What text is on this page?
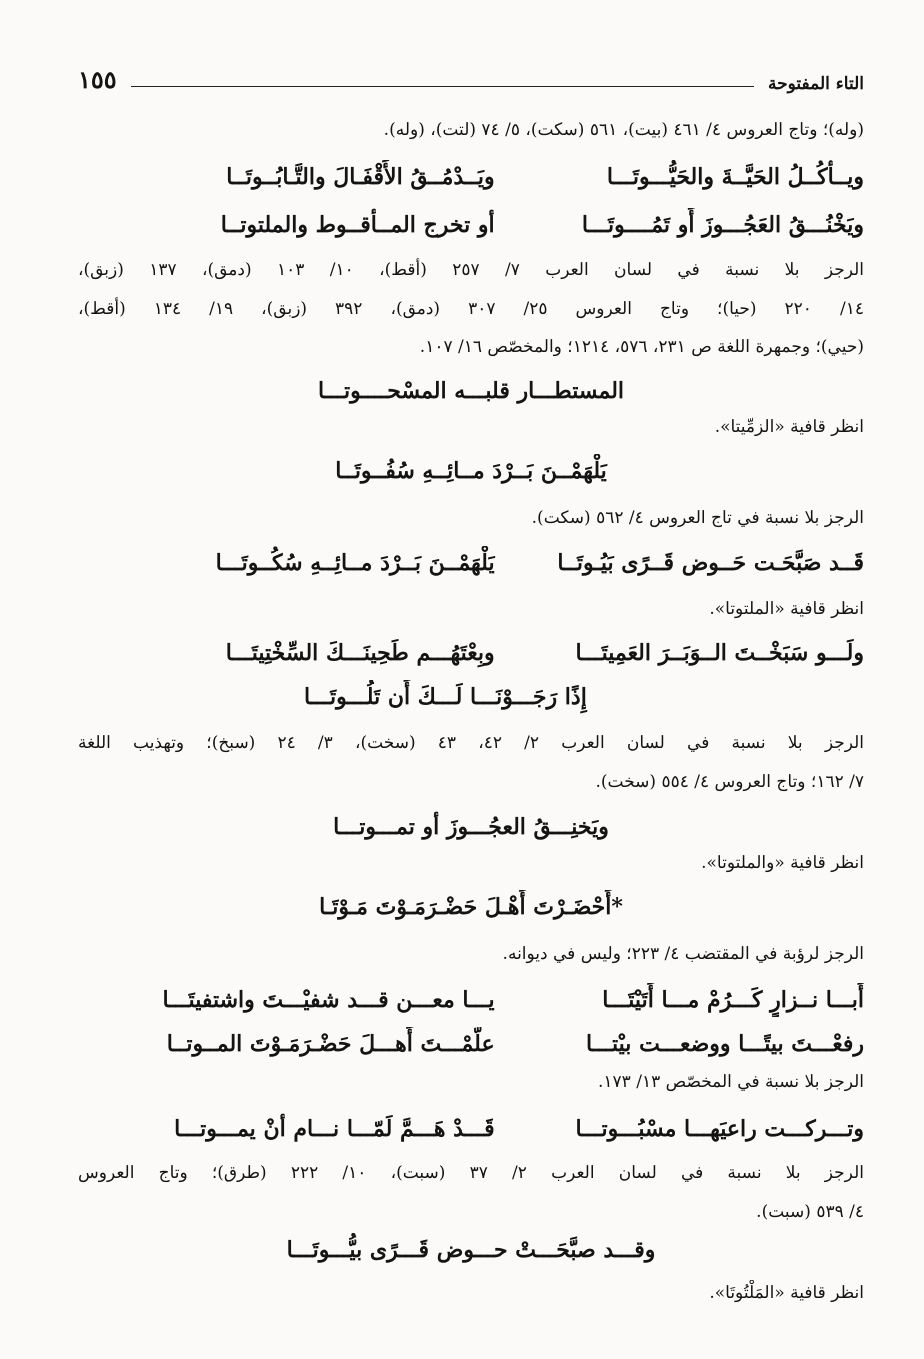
التاء المفتوحة
١٥٥
(وله)؛ وتاج العروس ٤/ ٤٦١ (بيت)، ٥٦١ (سكت)، ٥/ ٧٤ (لتت)، (وله).
ويــأْكُــلُ الحَيَّــةَ والحَيُّـــوتَـــا
ويَــدْمُــقُ الأَقْفَـالَ والتَّـابُــوتَــا
ويَخْنُـــقُ العَجُـــوزَ أَو تَمُــــوتَـــا
أو تخرج المــأقــوط والملتوتــا
الرجز بلا نسبة في لسان العرب ٧/ ٢٥٧ (أقط)، ١٠/ ١٠٣ (دمق)، ١٣٧ (زبق)،
١٤/ ٢٢٠ (حيا)؛ وتاج العروس ٢٥/ ٣٠٧ (دمق)، ٣٩٢ (زبق)، ١٩/ ١٣٤ (أقط)،
(حيي)؛ وجمهرة اللغة ص ٢٣١، ٥٧٦، ١٢١٤؛ والمخصّص ١٦/ ١٠٧.
المستطـــار قلبـــه المسْحــــوتـــا
انظر قافية «الزمِّيتا».
يَلْهَمْــنَ بَــرْدَ مــائِــهِ سُفُــوتَــا
الرجز بلا نسبة في تاج العروس ٤/ ٥٦٢ (سكت).
قَــد صَبَّحَـت حَــوض قَــرًى بَيُـوتَــا
يَلْهَمْــنَ بَــرْدَ مــائِــهِ سُكُــوتَـــا
انظر قافية «الملتوتا».
ولَـــو سَبَخْــتَ الــوَبَــرَ العَمِيتَـــا
وبِعْتَهُـــم طَحِينَـــكَ السِّخْتِيتَـــا
إِذًا رَجَـــوْنَـــا لَـــكَ أَن تَلُـــوتَـــا
الرجز بلا نسبة في لسان العرب ٢/ ٤٢، ٤٣ (سخت)، ٣/ ٢٤ (سبخ)؛ وتهذيب اللغة
٧/ ١٦٢؛ وتاج العروس ٤/ ٥٥٤ (سخت).
ويَخنِـــقُ العجُـــوزَ أو تمـــوتـــا
انظر قافية «والملتوتا».
*أَحْضَـرْتَ أَهْـلَ حَضْـرَمَـوْتَ مَـوْتَـا
الرجز لرؤبة في المقتضب ٤/ ٢٢٣؛ وليس في ديوانه.
أَبـــا نــزارٍ كَـــرُمْ مـــا أَتَيْتَـــا
يـــا معـــن قـــد شفيْـــتَ واشتفيتَـــا
رفعْـــتَ بيتًـــا ووضعـــت بيْتـــا
علَّمْـــتَ أَهـــلَ حَضْـرَمَـوْتَ المــوتــا
الرجز بلا نسبة في المخصّص ١٣/ ١٧٣.
وتـــركـــت راعيَهـــا مسْبُـــوتـــا
قَـــدْ هَـــمَّ لَمّـــا نـــام أنْ يمـــوتـــا
الرجز بلا نسبة في لسان العرب ٢/ ٣٧ (سبت)، ١٠/ ٢٢٢ (طرق)؛ وتاج العروس
٤/ ٥٣٩ (سبت).
وقـــد صبَّحَـــتْ حـــوض قَـــرًى بيُّـــوتَـــا
انظر قافية «المَلْتُوتَا».
